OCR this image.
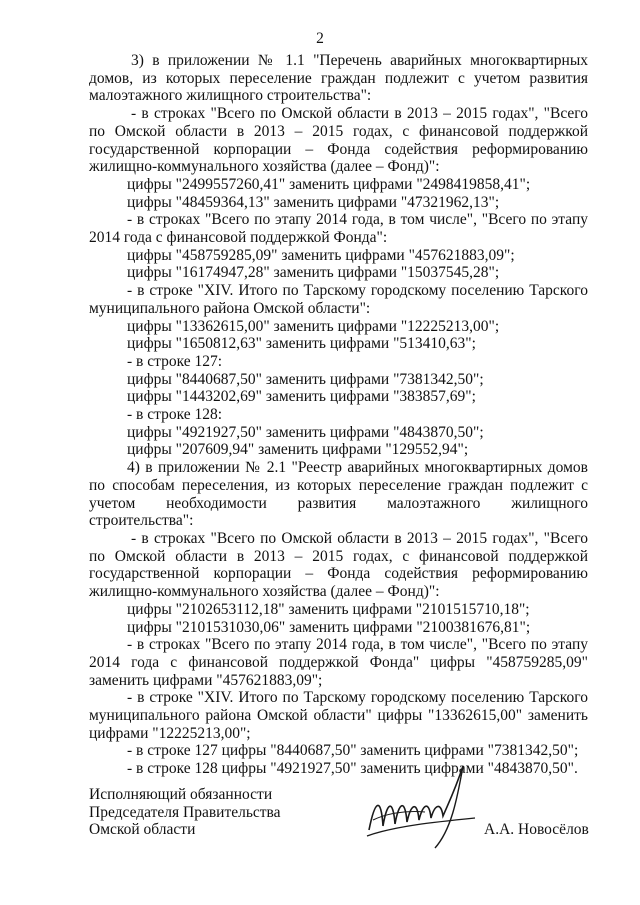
2

3) в приложении № 1.1 "Перечень аварийных многоквартирных домов, из которых переселение граждан подлежит с учетом развития малоэтажного жилищного строительства":

- в строках "Всего по Омской области в 2013 – 2015 годах", "Всего по Омской области в 2013 – 2015 годах, с финансовой поддержкой государственной корпорации – Фонда содействия реформированию жилищно-коммунального хозяйства (далее – Фонд)":

цифры "2499557260,41" заменить цифрами "2498419858,41";

цифры "48459364,13" заменить цифрами "47321962,13";

- в строках "Всего по этапу 2014 года, в том числе", "Всего по этапу 2014 года с финансовой поддержкой Фонда":

цифры "458759285,09" заменить цифрами "457621883,09";

цифры "16174947,28" заменить цифрами "15037545,28";

- в строке "XIV. Итого по Тарскому городскому поселению Тарского муниципального района Омской области":

цифры "13362615,00" заменить цифрами "12225213,00";

цифры "1650812,63" заменить цифрами "513410,63";

- в строке 127:

цифры "8440687,50" заменить цифрами "7381342,50";

цифры "1443202,69" заменить цифрами "383857,69";

- в строке 128:

цифры "4921927,50" заменить цифрами "4843870,50";

цифры "207609,94" заменить цифрами "129552,94";

4) в приложении № 2.1 "Реестр аварийных многоквартирных домов по способам переселения, из которых переселение граждан подлежит с учетом необходимости развития малоэтажного жилищного строительства":

- в строках "Всего по Омской области в 2013 – 2015 годах", "Всего по Омской области в 2013 – 2015 годах, с финансовой поддержкой государственной корпорации – Фонда содействия реформированию жилищно-коммунального хозяйства (далее – Фонд)":

цифры "2102653112,18" заменить цифрами "2101515710,18";

цифры "2101531030,06" заменить цифрами "2100381676,81";

- в строках "Всего по этапу 2014 года, в том числе", "Всего по этапу 2014 года с финансовой поддержкой Фонда" цифры "458759285,09" заменить цифрами "457621883,09";

- в строке "XIV. Итого по Тарскому городскому поселению Тарского муниципального района Омской области" цифры "13362615,00" заменить цифрами "12225213,00";

- в строке 127 цифры "8440687,50" заменить цифрами "7381342,50";

- в строке 128 цифры "4921927,50" заменить цифрами "4843870,50".

Исполняющий обязанности
Председателя Правительства
Омской области	А.А. Новосёлов
